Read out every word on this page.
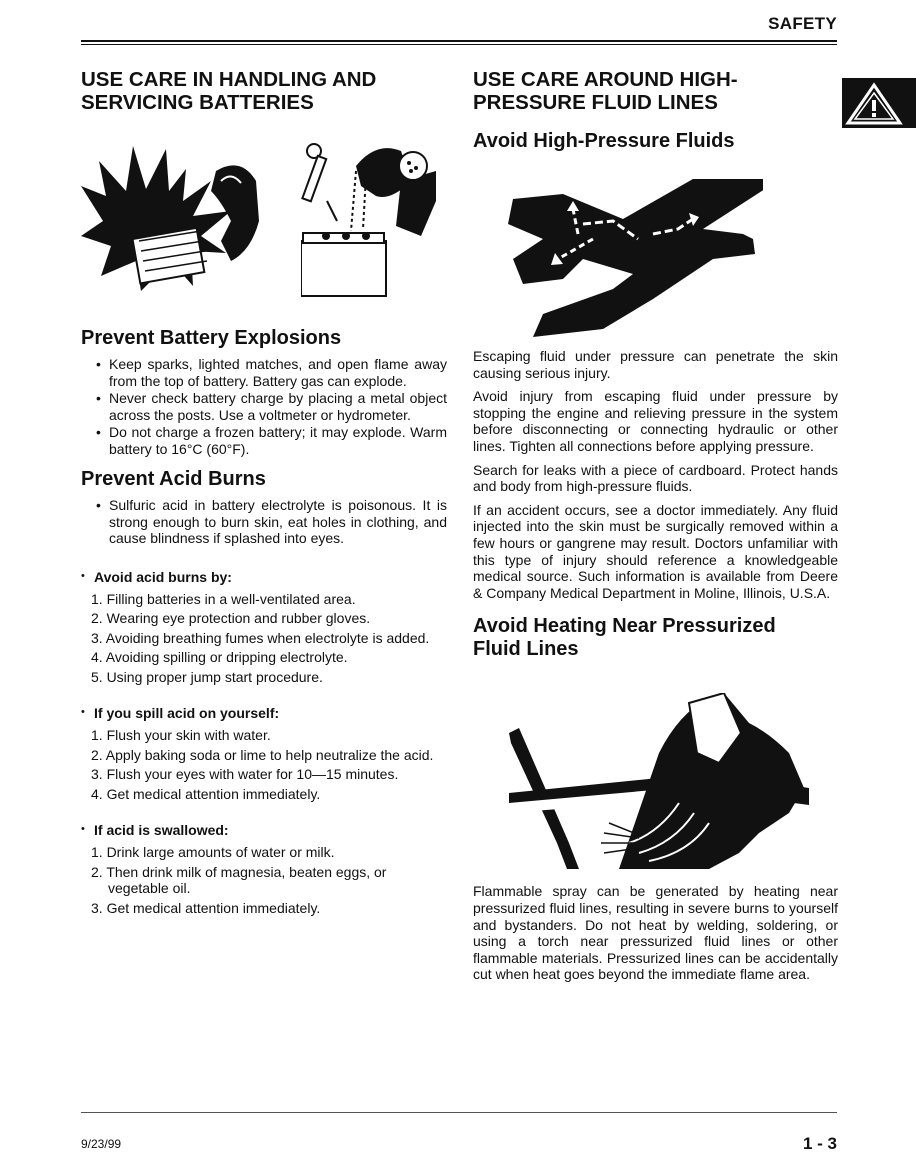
SAFETY
USE CARE IN HANDLING AND SERVICING BATTERIES
Prevent Battery Explosions
• Keep sparks, lighted matches, and open flame away from the top of battery. Battery gas can explode.
• Never check battery charge by placing a metal object across the posts. Use a voltmeter or hydrometer.
• Do not charge a frozen battery; it may explode. Warm battery to 16°C (60°F).
Prevent Acid Burns
• Sulfuric acid in battery electrolyte is poisonous. It is strong enough to burn skin, eat holes in clothing, and cause blindness if splashed into eyes.

• Avoid acid burns by:

1. Filling batteries in a well-ventilated area.
2. Wearing eye protection and rubber gloves.
3. Avoiding breathing fumes when electrolyte is added.
4. Avoiding spilling or dripping electrolyte.
5. Using proper jump start procedure.

• If you spill acid on yourself:

1. Flush your skin with water.
2. Apply baking soda or lime to help neutralize the acid.
3. Flush your eyes with water for 10—15 minutes.
4. Get medical attention immediately.

• If acid is swallowed:

1. Drink large amounts of water or milk.
2. Then drink milk of magnesia, beaten eggs, or vegetable oil.
3. Get medical attention immediately.
USE CARE AROUND HIGH-PRESSURE FLUID LINES
Avoid High-Pressure Fluids

Escaping fluid under pressure can penetrate the skin causing serious injury.

Avoid injury from escaping fluid under pressure by stopping the engine and relieving pressure in the system before disconnecting or connecting hydraulic or other lines. Tighten all connections before applying pressure.

Search for leaks with a piece of cardboard. Protect hands and body from high-pressure fluids.

If an accident occurs, see a doctor immediately. Any fluid injected into the skin must be surgically removed within a few hours or gangrene may result. Doctors unfamiliar with this type of injury should reference a knowledgeable medical source. Such information is available from Deere & Company Medical Department in Moline, Illinois, U.S.A.

Avoid Heating Near Pressurized Fluid Lines

Flammable spray can be generated by heating near pressurized fluid lines, resulting in severe burns to yourself and bystanders. Do not heat by welding, soldering, or using a torch near pressurized fluid lines or other flammable materials. Pressurized lines can be accidentally cut when heat goes beyond the immediate flame area.

9/23/99	1 - 3
